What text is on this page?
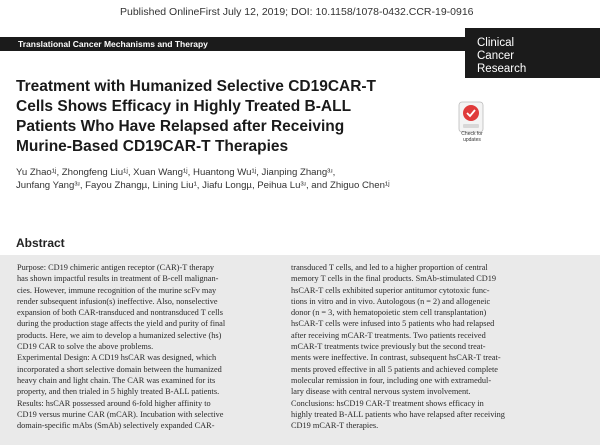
Published OnlineFirst July 12, 2019; DOI: 10.1158/1078-0432.CCR-19-0916
Translational Cancer Mechanisms and Therapy	Clinical
Cancer
Research
Treatment with Humanized Selective CD19CAR-T
Cells Shows Efficacy in Highly Treated B-ALL
Patients Who Have Relapsed after Receiving
Murine-Based CD19CAR-T Therapies
Check for
updates
Yu Zhao¹ʲ, Zhongfeng Liu¹ʲ, Xuan Wang¹ʲ, Huantong Wu¹ʲ, Jianping Zhang³ʴ,
Junfang Yang³ʴ, Fayou Zhangµ, Lining Liu¹, Jiafu Longµ, Peihua Lu³ʴ, and Zhiguo Chen¹ʲ
Abstract
Purpose: CD19 chimeric antigen receptor (CAR)-T therapy
has shown impactful results in treatment of B-cell malignan-
cies. However, immune recognition of the murine scFv may
render subsequent infusion(s) ineffective. Also, nonselective
expansion of both CAR-transduced and nontransduced T cells
during the production stage affects the yield and purity of final
products. Here, we aim to develop a humanized selective (hs)
CD19 CAR to solve the above problems.
Experimental Design: A CD19 hsCAR was designed, which
incorporated a short selective domain between the humanized
heavy chain and light chain. The CAR was examined for its
property, and then trialed in 5 highly treated B-ALL patients.
Results: hsCAR possessed around 6-fold higher affinity to
CD19 versus murine CAR (mCAR). Incubation with selective
domain-specific mAbs (SmAb) selectively expanded CAR-
transduced T cells, and led to a higher proportion of central
memory T cells in the final products. SmAb-stimulated CD19
hsCAR-T cells exhibited superior antitumor cytotoxic func-
tions in vitro and in vivo. Autologous (n = 2) and allogeneic
donor (n = 3, with hematopoietic stem cell transplantation)
hsCAR-T cells were infused into 5 patients who had relapsed
after receiving mCAR-T treatments. Two patients received
mCAR-T treatments twice previously but the second treat-
ments were ineffective. In contrast, subsequent hsCAR-T treat-
ments proved effective in all 5 patients and achieved complete
molecular remission in four, including one with extramedul-
lary disease with central nervous system involvement.
Conclusions: hsCD19 CAR-T treatment shows efficacy in
highly treated B-ALL patients who have relapsed after receiving
CD19 mCAR-T therapies.
